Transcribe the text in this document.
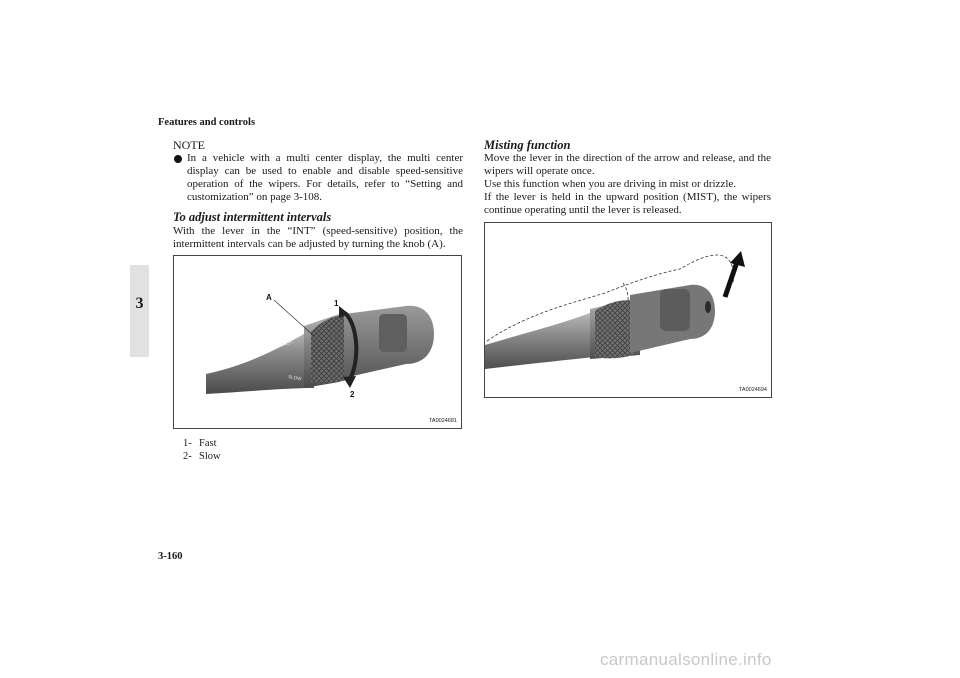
Features and controls
3
NOTE
In a vehicle with a multi center display, the multi center display can be used to enable and disable speed-sensitive operation of the wipers. For details, refer to “Setting and customization” on page 3-108.
To adjust intermittent intervals

With the lever in the “INT” (speed-sensitive) position, the intermittent intervals can be adjusted by turning the knob (A).

FAST
SLOW
A
1
2
TA0024681
1- Fast
2- Slow
Misting function

Move the lever in the direction of the arrow and release, and the wipers will operate once.

Use this function when you are driving in mist or drizzle.

If the lever is held in the upward position (MIST), the wipers continue operating until the lever is released.

TA0024694
3-160
carmanualsonline.info
